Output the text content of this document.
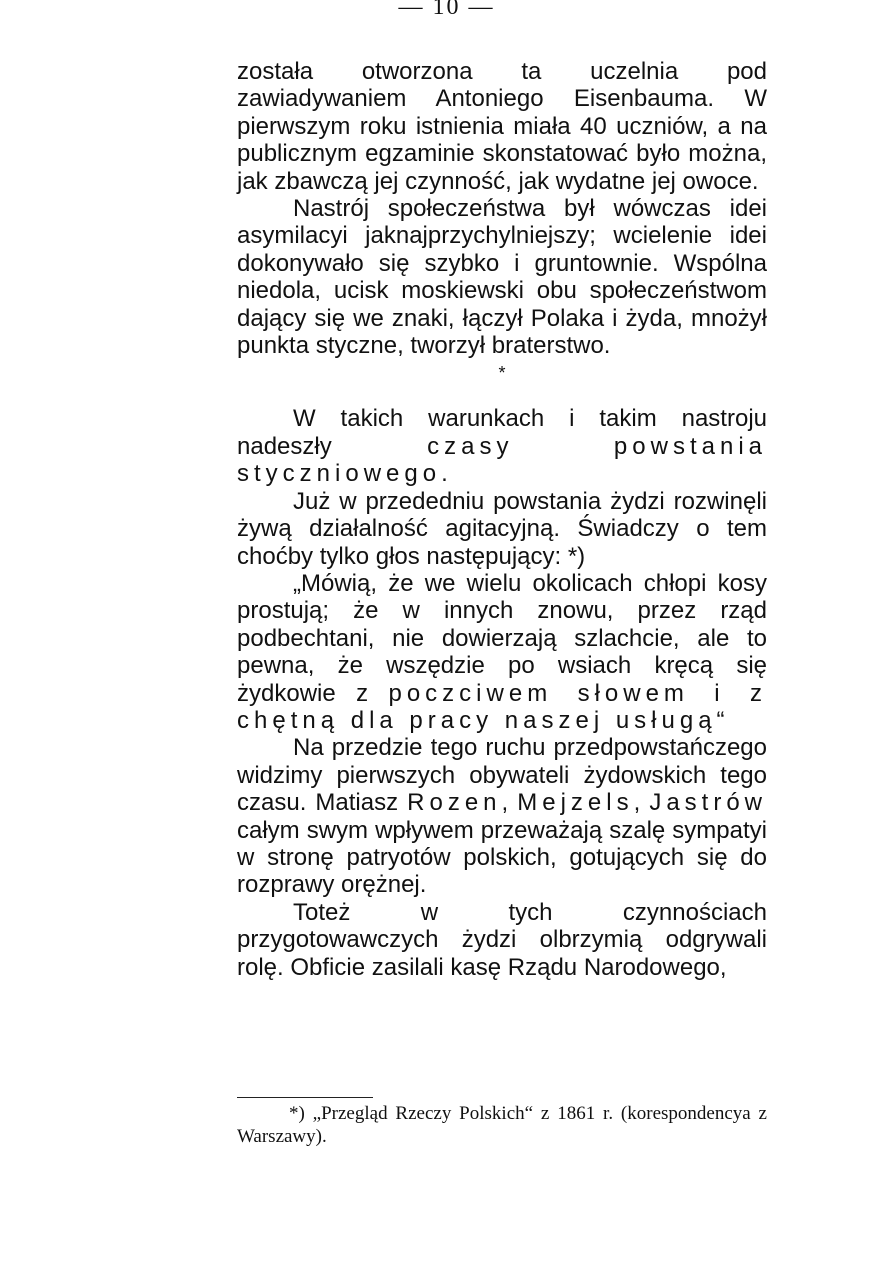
— 10 —

została otworzona ta uczelnia pod zawiadywaniem Antoniego Eisenbauma. W pierwszym roku istnienia miała 40 uczniów, a na publicznym egzaminie skonstatować było można, jak zbawczą jej czynność, jak wydatne jej owoce.

Nastrój społeczeństwa był wówczas idei asymilacyi jaknajprzychylniejszy; wcielenie idei dokonywało się szybko i gruntownie. Wspólna niedola, ucisk moskiewski obu społeczeństwom dający się we znaki, łączył Polaka i żyda, mnożył punkta styczne, tworzył braterstwo.

*

W takich warunkach i takim nastroju nadeszły	czasy powstania styczniowego.

Już w przededniu powstania żydzi rozwinęli żywą działalność agitacyjną. Świadczy o tem choćby tylko głos następujący: *)

„Mówią, że we wielu okolicach chłopi kosy prostują; że w innych znowu, przez rząd podbechtani, nie dowierzają szlachcie, ale to pewna, że wszędzie po wsiach kręcą się żydkowie z poczciwem słowem i z chętną dla pracy naszej usługą“

Na przedzie tego ruchu przedpowstańczego widzimy pierwszych obywateli żydowskich tego czasu. Matiasz Rozen, Mejzels, Jastrów całym swym wpływem przeważają szalę sympatyi w stronę patryotów polskich, gotujących się do rozprawy orężnej.

Toteż w tych czynnościach przygotowawczych żydzi olbrzymią odgrywali rolę. Obficie zasilali kasę Rządu Narodowego,

*) „Przegląd Rzeczy Polskich“ z 1861 r. (korespondencya z Warszawy).
